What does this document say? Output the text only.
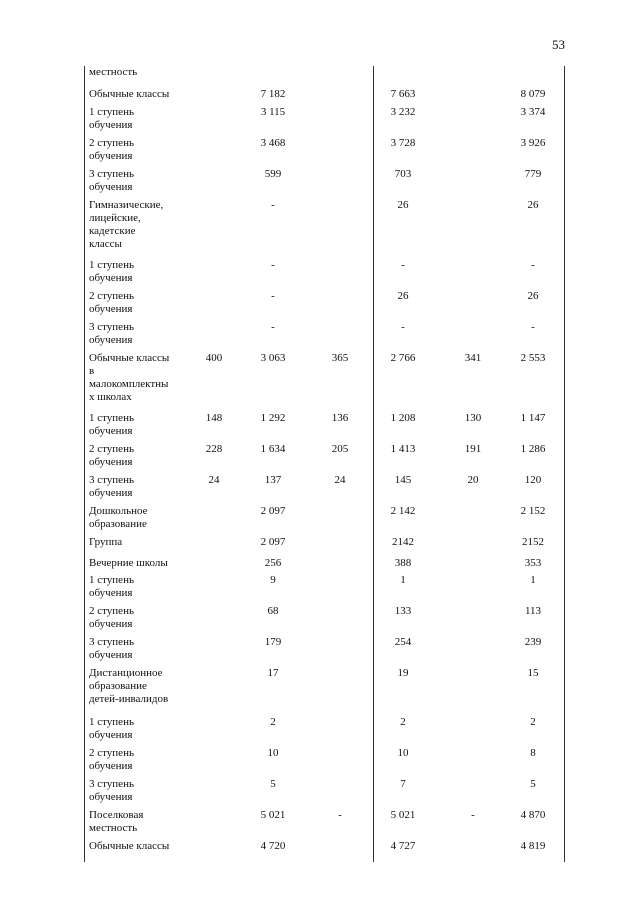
53
местность
Обычные классы	7 182	7 663	8 079
1 ступень
обучения
3 115	3 232	3 374
2 ступень
обучения
3 468	3 728	3 926
3 ступень
обучения
599	703	779
Гимназические,
лицейские,
кадетские
классы
-	26	26
1 ступень
обучения
-	-	-
2 ступень
обучения
-	26	26
3 ступень
обучения
-	-	-
Обычные классы
в
малокомплектны
х школах
400	3 063	365	2 766	341	2 553
1 ступень
обучения
148	1 292	136	1 208	130	1 147
2 ступень
обучения
228	1 634	205	1 413	191	1 286
3 ступень
обучения
24	137	24	145	20	120
Дошкольное
образование
2 097	2 142	2 152
Группа	2 097	2142	2152
Вечерние школы	256	388	353
1 ступень
обучения
9	1	1
2 ступень
обучения
68	133	113
3 ступень
обучения
179	254	239
Дистанционное
образование
детей-инвалидов
17	19	15
1 ступень
обучения
2	2	2
2 ступень
обучения
10	10	8
3 ступень
обучения
5	7	5
Поселковая
местность
5 021	-	5 021	-	4 870
Обычные классы	4 720	4 727	4 819
